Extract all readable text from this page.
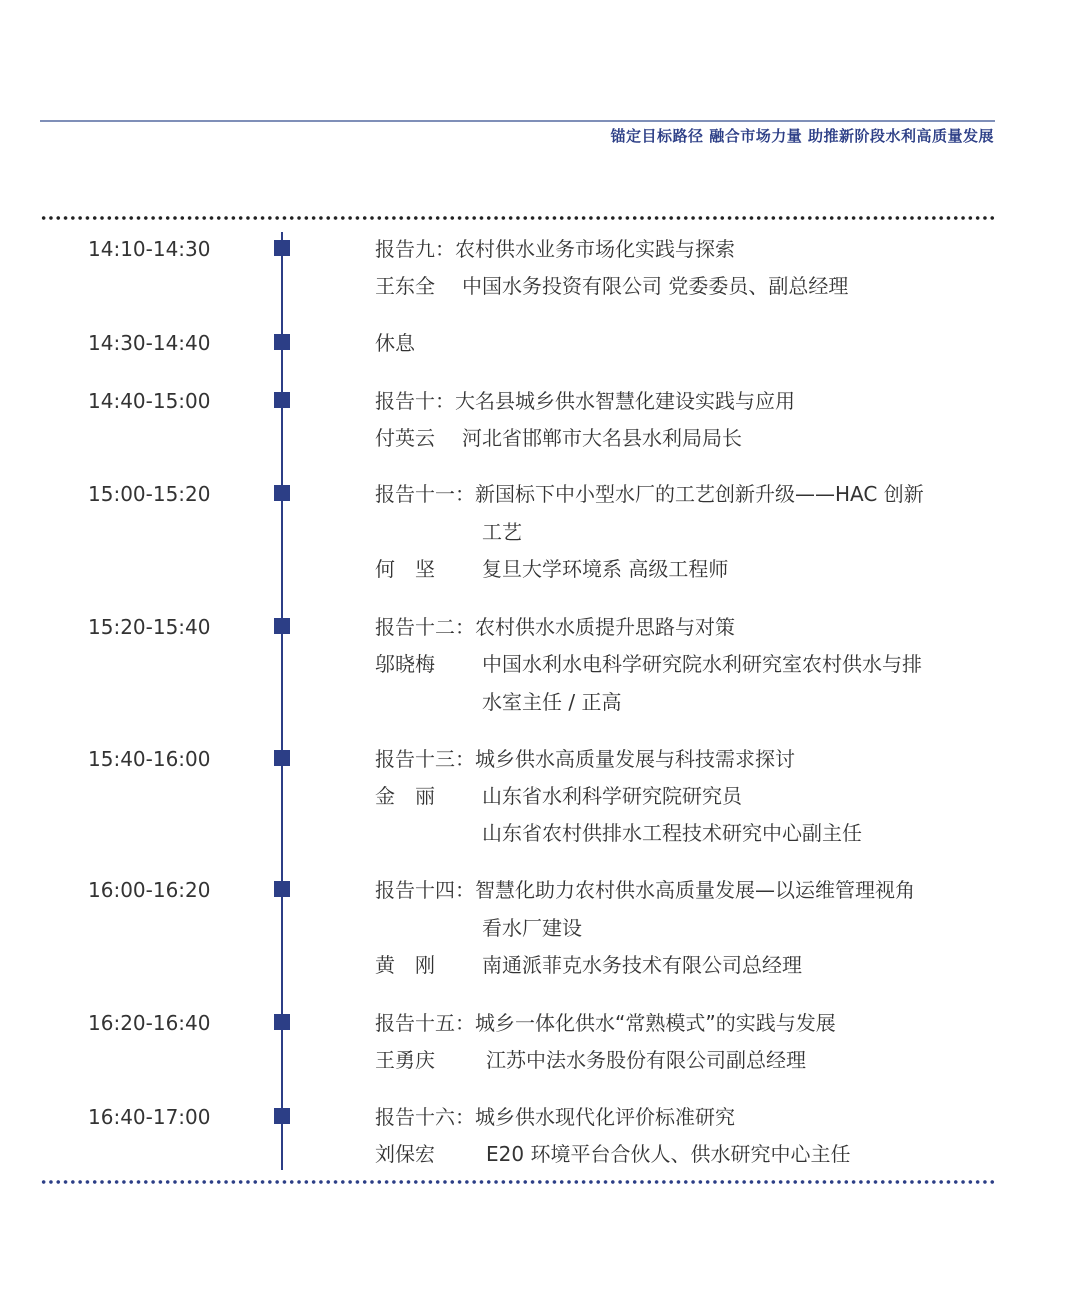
锚定目标路径 融合市场力量 助推新阶段水利高质量发展
14:10-14:30	报告九：农村供水业务市场化实践与探索
王东全 中国水务投资有限公司 党委委员、副总经理
14:30-14:40	休息
14:40-15:00	报告十：大名县城乡供水智慧化建设实践与应用
付英云 河北省邯郸市大名县水利局局长
15:00-15:20	报告十一：新国标下中小型水厂的工艺创新升级——HAC 创新
工艺
何　坚 复旦大学环境系 高级工程师
15:20-15:40	报告十二：农村供水水质提升思路与对策
邬晓梅 中国水利水电科学研究院水利研究室农村供水与排
水室主任 / 正高
15:40-16:00	报告十三：城乡供水高质量发展与科技需求探讨
金　丽 山东省水利科学研究院研究员
山东省农村供排水工程技术研究中心副主任
16:00-16:20	报告十四：智慧化助力农村供水高质量发展—以运维管理视角
看水厂建设
黄　刚 南通派菲克水务技术有限公司总经理
16:20-16:40	报告十五：城乡一体化供水“常熟模式”的实践与发展
王勇庆	江苏中法水务股份有限公司副总经理
16:40-17:00	报告十六：城乡供水现代化评价标准研究
刘保宏	E20 环境平台合伙人、供水研究中心主任
